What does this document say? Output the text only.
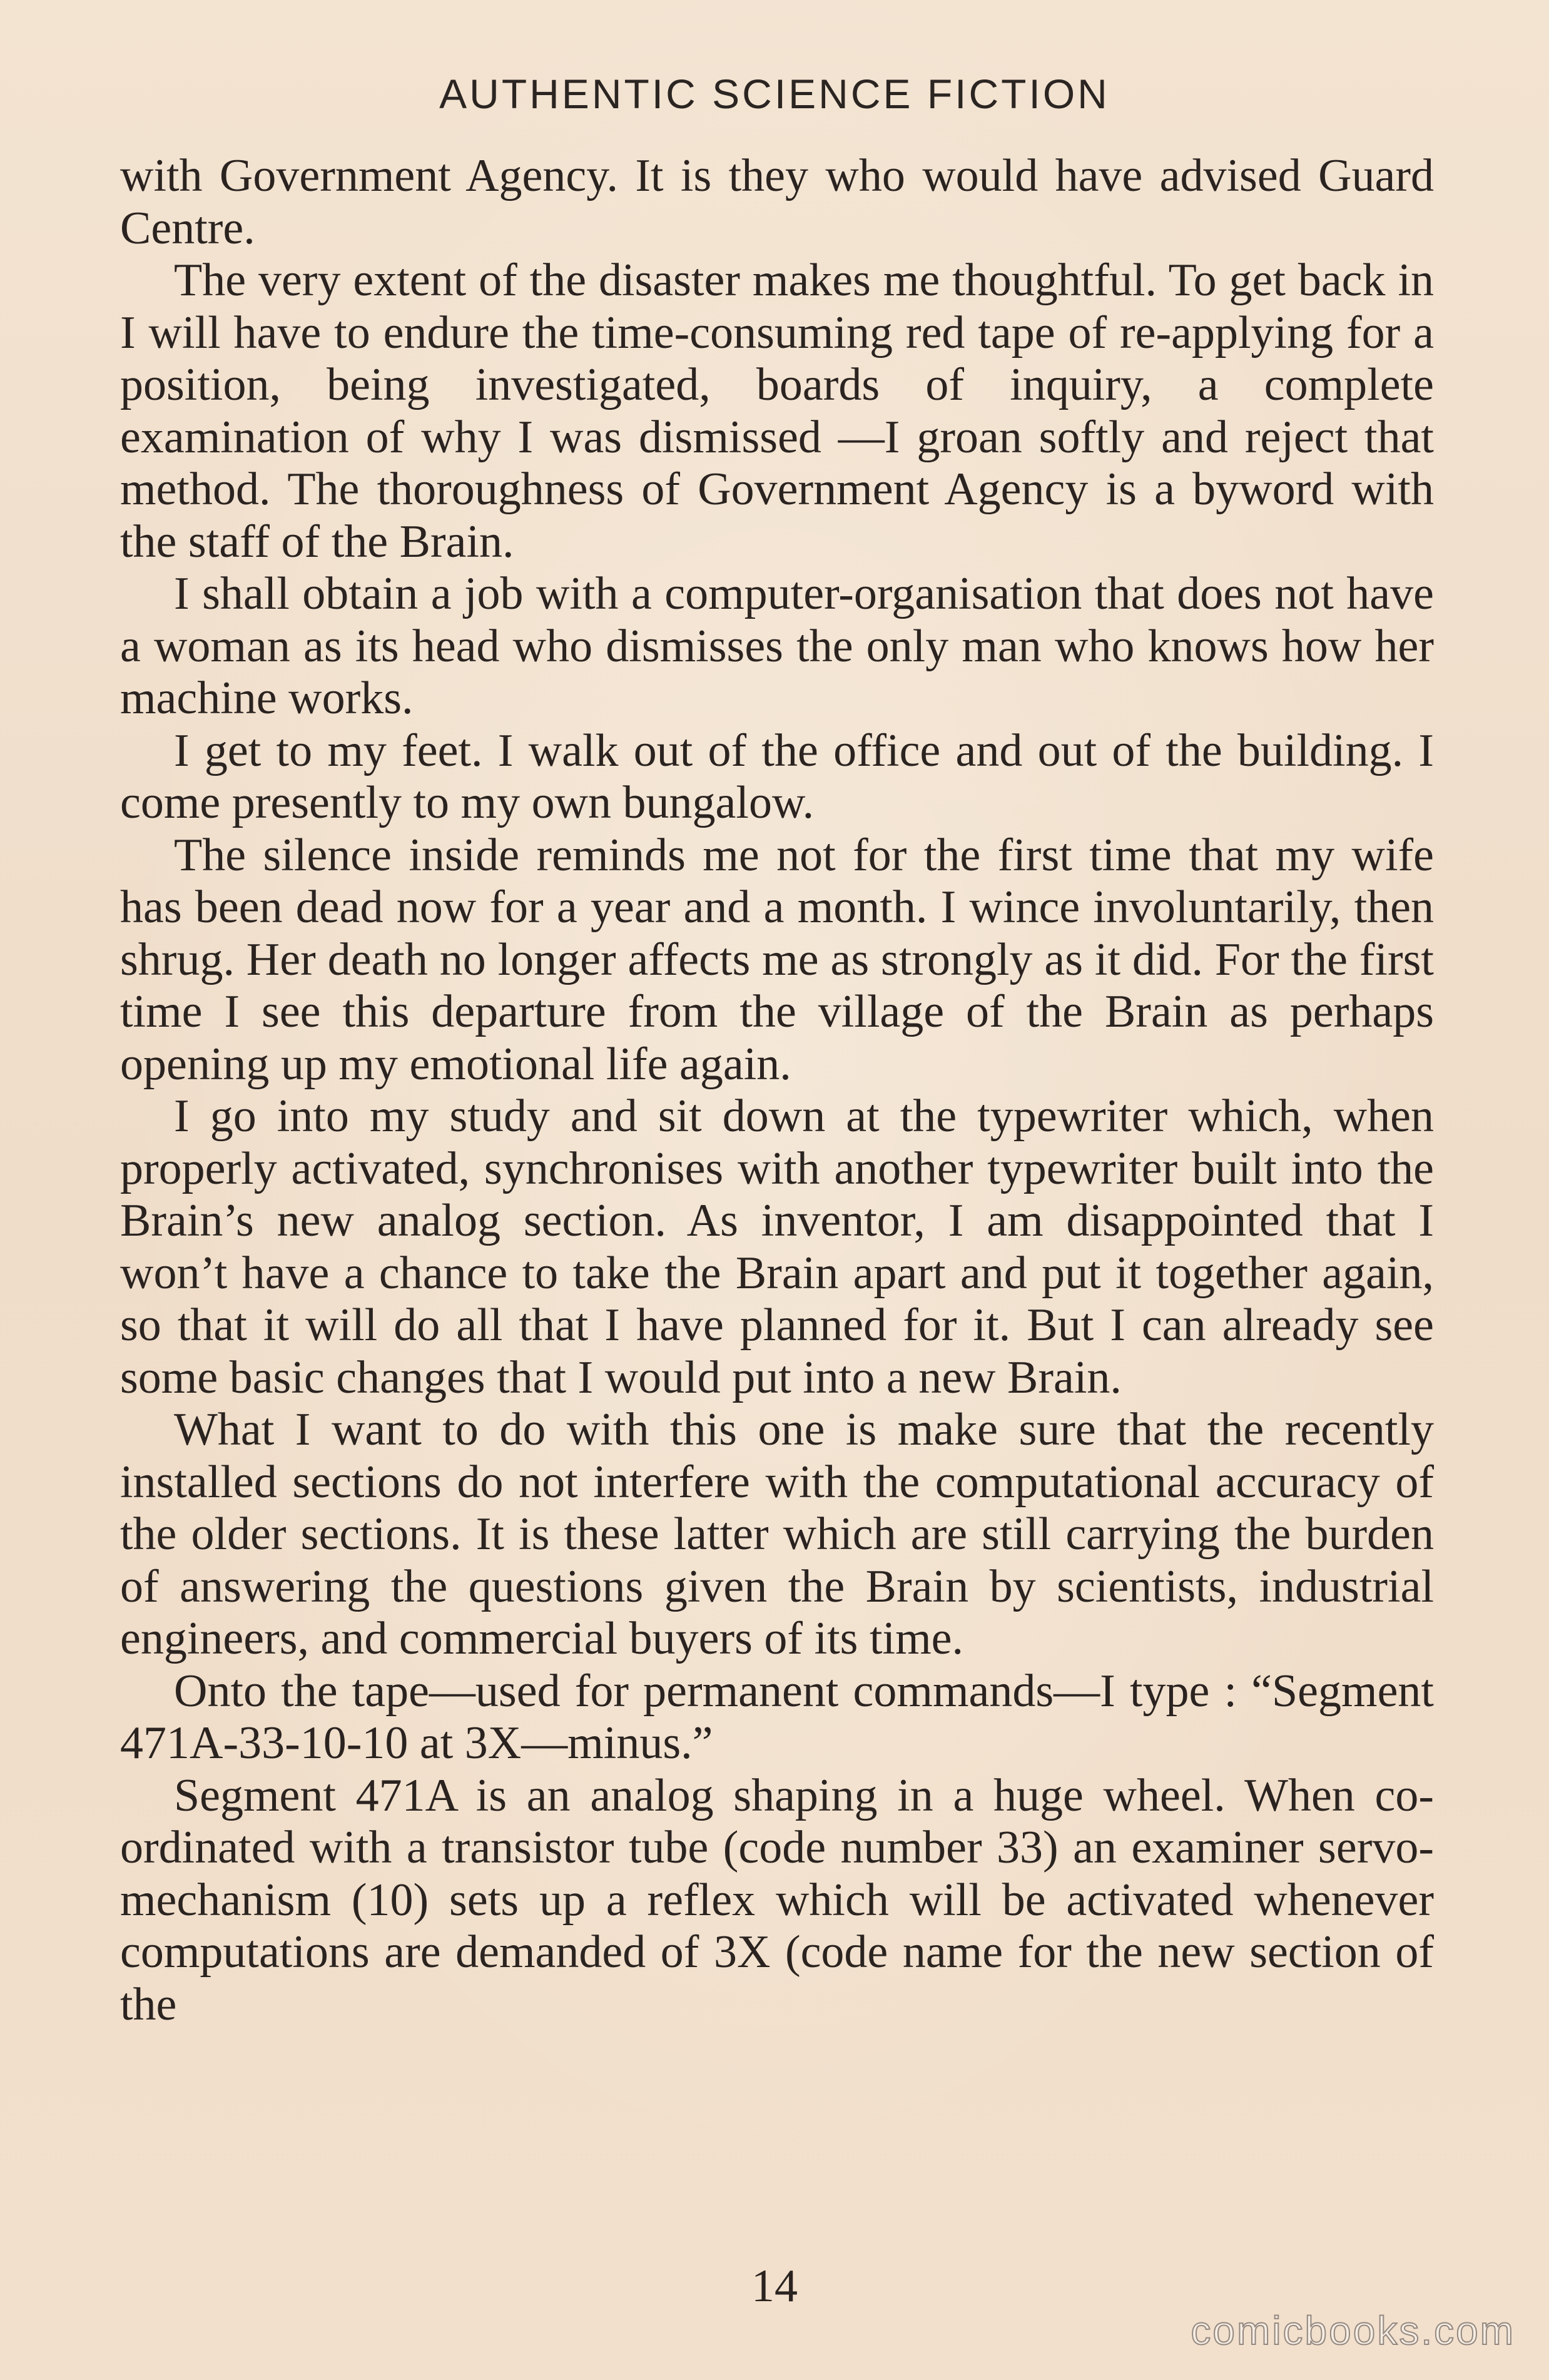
AUTHENTIC SCIENCE FICTION

with Government Agency. It is they who would have advised Guard Centre.

The very extent of the disaster makes me thoughtful. To get back in I will have to endure the time-consuming red tape of re-applying for a position, being investigated, boards of inquiry, a complete examination of why I was dismissed —I groan softly and reject that method. The thoroughness of Government Agency is a byword with the staff of the Brain.

I shall obtain a job with a computer-organisation that does not have a woman as its head who dismisses the only man who knows how her machine works.

I get to my feet. I walk out of the office and out of the building. I come presently to my own bungalow.

The silence inside reminds me not for the first time that my wife has been dead now for a year and a month. I wince involuntarily, then shrug. Her death no longer affects me as strongly as it did. For the first time I see this departure from the village of the Brain as perhaps opening up my emotional life again.

I go into my study and sit down at the typewriter which, when properly activated, synchronises with another typewriter built into the Brain’s new analog section. As inventor, I am disappointed that I won’t have a chance to take the Brain apart and put it together again, so that it will do all that I have planned for it. But I can already see some basic changes that I would put into a new Brain.

What I want to do with this one is make sure that the recently installed sections do not interfere with the computational accuracy of the older sections. It is these latter which are still carrying the burden of answering the questions given the Brain by scientists, industrial engineers, and commercial buyers of its time.

Onto the tape—used for permanent commands—I type : “Segment 471A-33-10-10 at 3X—minus.”

Segment 471A is an analog shaping in a huge wheel. When co-ordinated with a transistor tube (code number 33) an examiner servo-mechanism (10) sets up a reflex which will be activated whenever computations are demanded of 3X (code name for the new section of the

14
comicbooks.com
